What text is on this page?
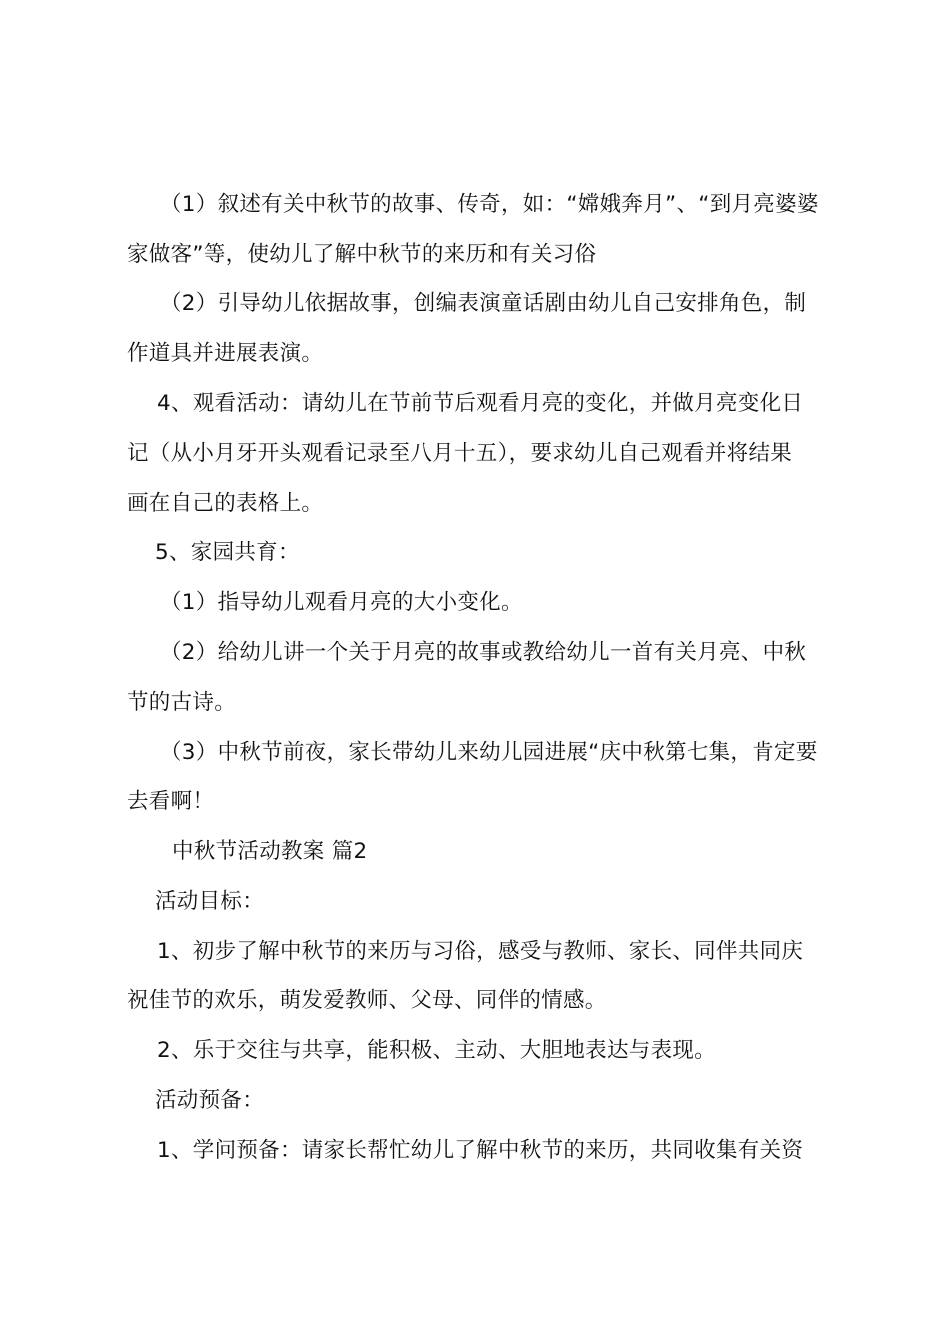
（1）叙述有关中秋节的故事、传奇，如：“嫦娥奔月”、“到月亮婆婆
家做客”等，使幼儿了解中秋节的来历和有关习俗
（2）引导幼儿依据故事，创编表演童话剧由幼儿自己安排角色，制
作道具并进展表演。
4、观看活动：请幼儿在节前节后观看月亮的变化，并做月亮变化日
记（从小月牙开头观看记录至八月十五），要求幼儿自己观看并将结果
画在自己的表格上。
5、家园共育：
（1）指导幼儿观看月亮的大小变化。
（2）给幼儿讲一个关于月亮的故事或教给幼儿一首有关月亮、中秋
节的古诗。
（3）中秋节前夜，家长带幼儿来幼儿园进展“庆中秋第七集，肯定要
去看啊！
中秋节活动教案 篇2
活动目标：
1、初步了解中秋节的来历与习俗，感受与教师、家长、同伴共同庆
祝佳节的欢乐，萌发爱教师、父母、同伴的情感。
2、乐于交往与共享，能积极、主动、大胆地表达与表现。
活动预备：
1、学问预备：请家长帮忙幼儿了解中秋节的来历，共同收集有关资
